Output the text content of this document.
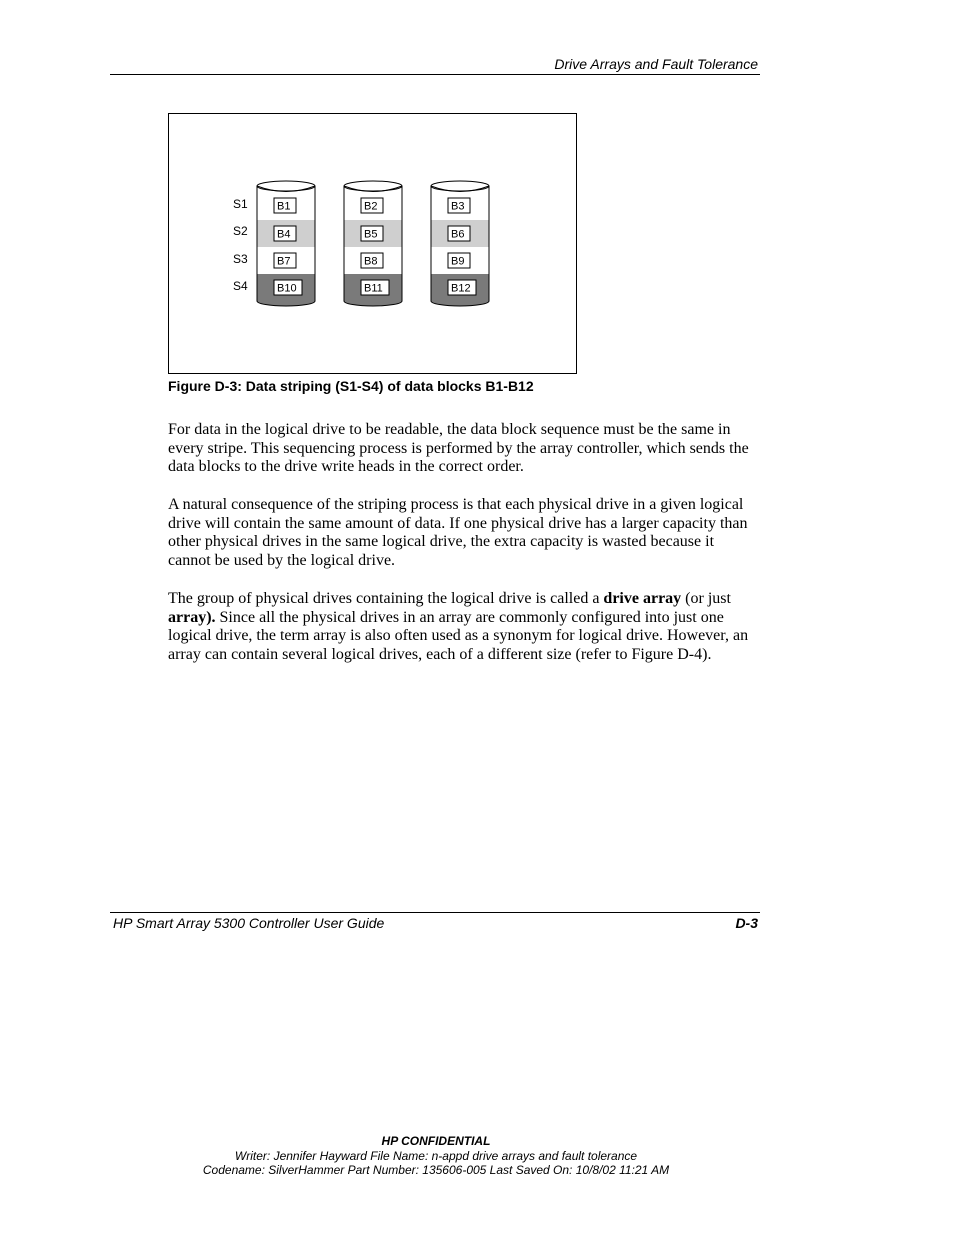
Drive Arrays and Fault Tolerance
S1
S2
S3
S4
B1
B4
B7
B10
B2
B5
B8
B11
B3
B6
B9
B12
Figure D-3: Data striping (S1-S4) of data blocks B1-B12
For data in the logical drive to be readable, the data block sequence must be the same in every stripe. This sequencing process is performed by the array controller, which sends the data blocks to the drive write heads in the correct order.
A natural consequence of the striping process is that each physical drive in a given logical drive will contain the same amount of data. If one physical drive has a larger capacity than other physical drives in the same logical drive, the extra capacity is wasted because it cannot be used by the logical drive.
The group of physical drives containing the logical drive is called a drive array (or just array). Since all the physical drives in an array are commonly configured into just one logical drive, the term array is also often used as a synonym for logical drive. However, an array can contain several logical drives, each of a different size (refer to Figure D-4).
HP Smart Array 5300 Controller User Guide	D-3
HP CONFIDENTIAL
Writer: Jennifer Hayward File Name: n-appd drive arrays and fault tolerance
Codename: SilverHammer Part Number: 135606-005 Last Saved On: 10/8/02 11:21 AM
